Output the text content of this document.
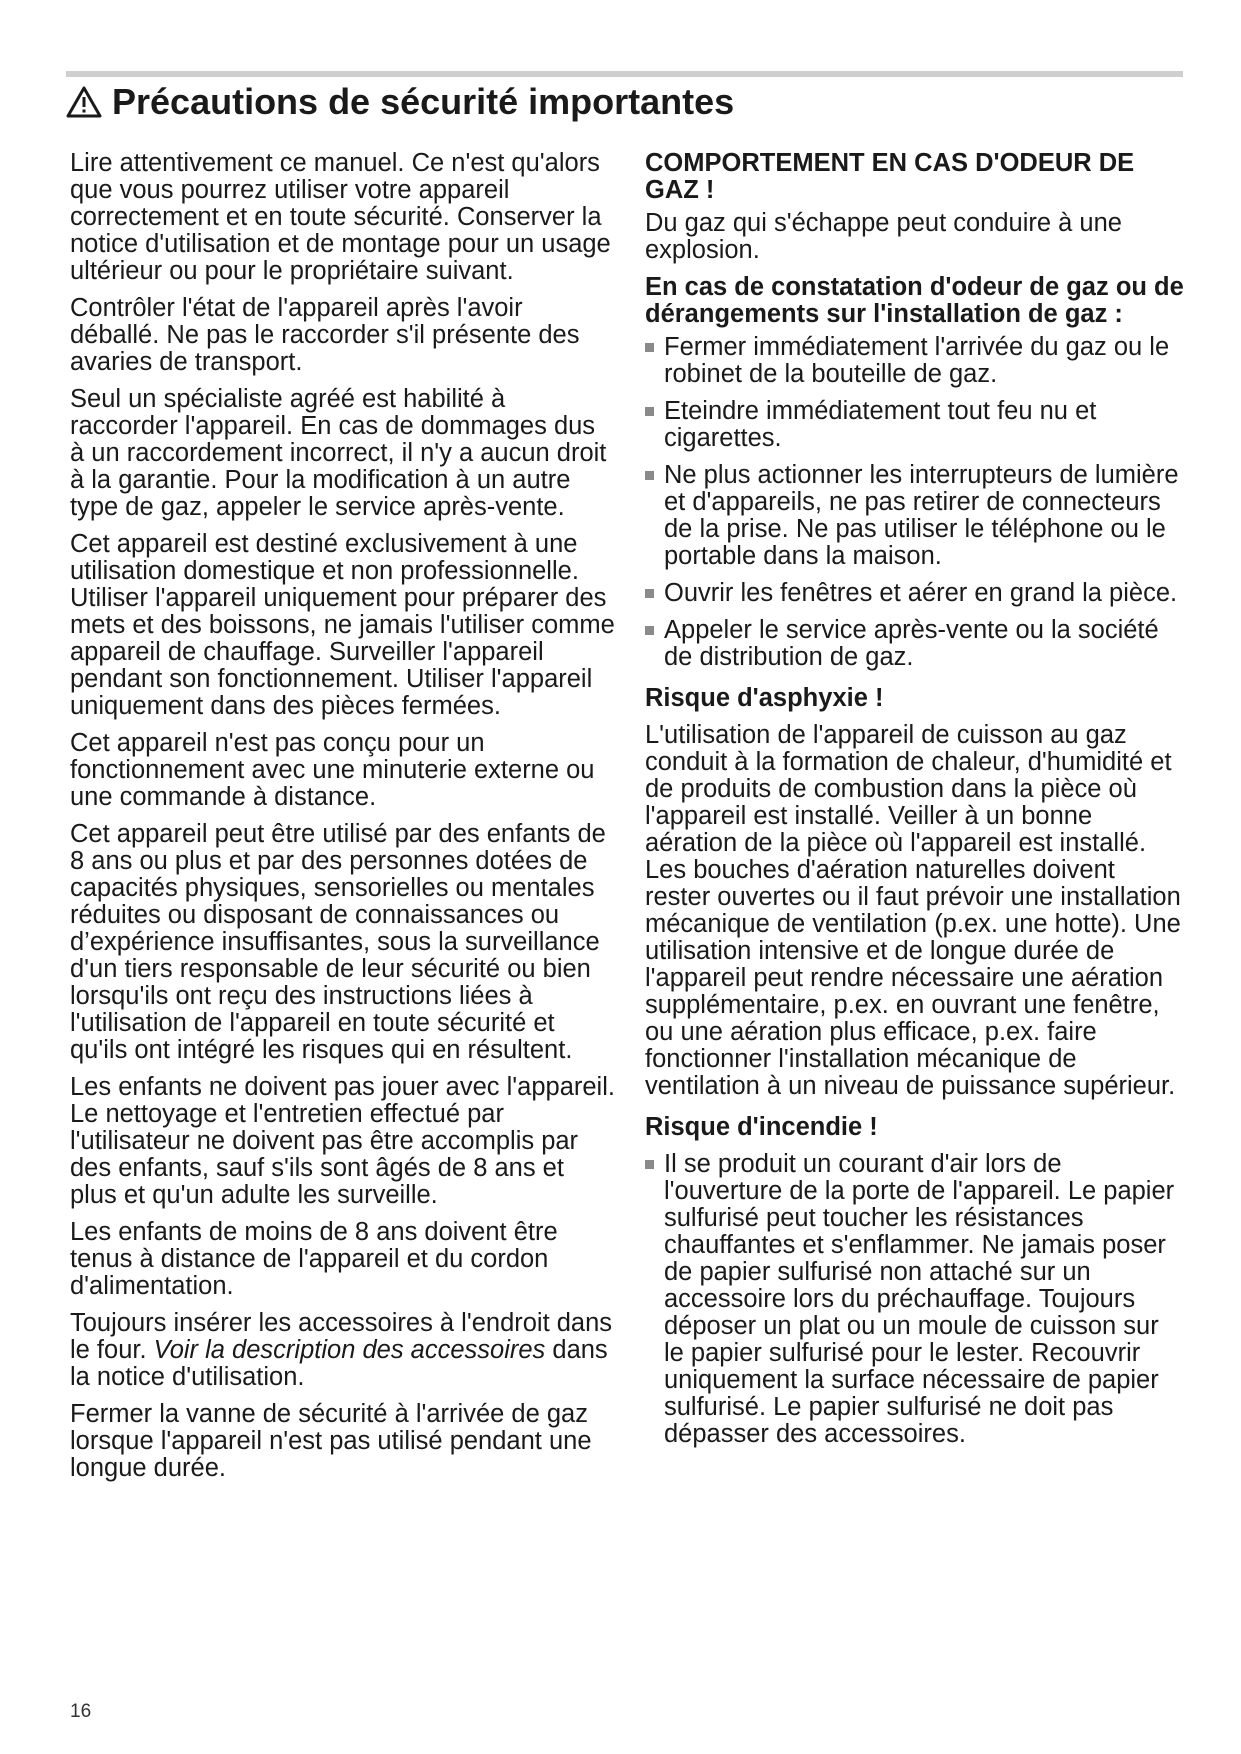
Précautions de sécurité importantes

Lire attentivement ce manuel. Ce n'est qu'alors que vous pourrez utiliser votre appareil correctement et en toute sécurité. Conserver la notice d'utilisation et de montage pour un usage ultérieur ou pour le propriétaire suivant.

Contrôler l'état de l'appareil après l'avoir déballé. Ne pas le raccorder s'il présente des avaries de transport.

Seul un spécialiste agréé est habilité à raccorder l'appareil. En cas de dommages dus à un raccordement incorrect, il n'y a aucun droit à la garantie. Pour la modification à un autre type de gaz, appeler le service après-vente.

Cet appareil est destiné exclusivement à une utilisation domestique et non professionnelle. Utiliser l'appareil uniquement pour préparer des mets et des boissons, ne jamais l'utiliser comme appareil de chauffage. Surveiller l'appareil pendant son fonctionnement. Utiliser l'appareil uniquement dans des pièces fermées.

Cet appareil n'est pas conçu pour un fonctionnement avec une minuterie externe ou une commande à distance.

Cet appareil peut être utilisé par des enfants de 8 ans ou plus et par des personnes dotées de capacités physiques, sensorielles ou mentales réduites ou disposant de connaissances ou d’expérience insuffisantes, sous la surveillance d'un tiers responsable de leur sécurité ou bien lorsqu'ils ont reçu des instructions liées à l'utilisation de l'appareil en toute sécurité et qu'ils ont intégré les risques qui en résultent.

Les enfants ne doivent pas jouer avec l'appareil. Le nettoyage et l'entretien effectué par l'utilisateur ne doivent pas être accomplis par des enfants, sauf s'ils sont âgés de 8 ans et plus et qu'un adulte les surveille.

Les enfants de moins de 8 ans doivent être tenus à distance de l'appareil et du cordon d'alimentation.

Toujours insérer les accessoires à l'endroit dans le four. Voir la description des accessoires dans la notice d'utilisation.

Fermer la vanne de sécurité à l'arrivée de gaz lorsque l'appareil n'est pas utilisé pendant une longue durée.

COMPORTEMENT EN CAS D'ODEUR DE GAZ !

Du gaz qui s'échappe peut conduire à une explosion.

En cas de constatation d'odeur de gaz ou de dérangements sur l'installation de gaz :

Fermer immédiatement l'arrivée du gaz ou le robinet de la bouteille de gaz.
Eteindre immédiatement tout feu nu et cigarettes.
Ne plus actionner les interrupteurs de lumière et d'appareils, ne pas retirer de connecteurs de la prise. Ne pas utiliser le téléphone ou le portable dans la maison.
Ouvrir les fenêtres et aérer en grand la pièce.
Appeler le service après-vente ou la société de distribution de gaz.

Risque d'asphyxie !

L'utilisation de l'appareil de cuisson au gaz conduit à la formation de chaleur, d'humidité et de produits de combustion dans la pièce où l'appareil est installé. Veiller à un bonne aération de la pièce où l'appareil est installé. Les bouches d'aération naturelles doivent rester ouvertes ou il faut prévoir une installation mécanique de ventilation (p.ex. une hotte). Une utilisation intensive et de longue durée de l'appareil peut rendre nécessaire une aération supplémentaire, p.ex. en ouvrant une fenêtre, ou une aération plus efficace, p.ex. faire fonctionner l'installation mécanique de ventilation à un niveau de puissance supérieur.

Risque d'incendie !

Il se produit un courant d'air lors de l'ouverture de la porte de l'appareil. Le papier sulfurisé peut toucher les résistances chauffantes et s'enflammer. Ne jamais poser de papier sulfurisé non attaché sur un accessoire lors du préchauffage. Toujours déposer un plat ou un moule de cuisson sur le papier sulfurisé pour le lester. Recouvrir uniquement la surface nécessaire de papier sulfurisé. Le papier sulfurisé ne doit pas dépasser des accessoires.
16
